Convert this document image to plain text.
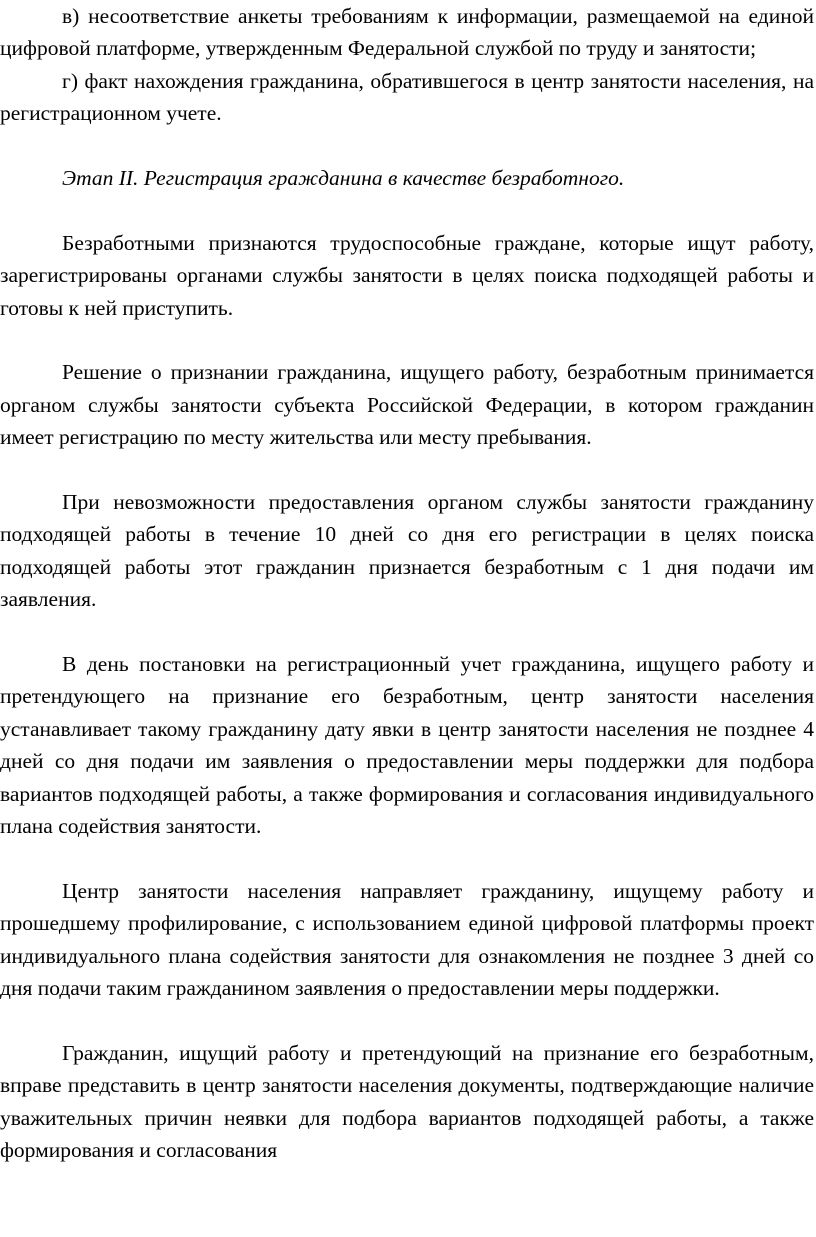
в) несоответствие анкеты требованиям к информации, размещаемой на единой цифровой платформе, утвержденным Федеральной службой по труду и занятости;

г) факт нахождения гражданина, обратившегося в центр занятости населения, на регистрационном учете.

Этап II. Регистрация гражданина в качестве безработного.

Безработными признаются трудоспособные граждане, которые ищут работу, зарегистрированы органами службы занятости в целях поиска подходящей работы и готовы к ней приступить.

Решение о признании гражданина, ищущего работу, безработным принимается органом службы занятости субъекта Российской Федерации, в котором гражданин имеет регистрацию по месту жительства или месту пребывания.

При невозможности предоставления органом службы занятости гражданину подходящей работы в течение 10 дней со дня его регистрации в целях поиска подходящей работы этот гражданин признается безработным с 1 дня подачи им заявления.

В день постановки на регистрационный учет гражданина, ищущего работу и претендующего на признание его безработным, центр занятости населения устанавливает такому гражданину дату явки в центр занятости населения не позднее 4 дней со дня подачи им заявления о предоставлении меры поддержки для подбора вариантов подходящей работы, а также формирования и согласования индивидуального плана содействия занятости.

Центр занятости населения направляет гражданину, ищущему работу и прошедшему профилирование, с использованием единой цифровой платформы проект индивидуального плана содействия занятости для ознакомления не позднее 3 дней со дня подачи таким гражданином заявления о предоставлении меры поддержки.

Гражданин, ищущий работу и претендующий на признание его безработным, вправе представить в центр занятости населения документы, подтверждающие наличие уважительных причин неявки для подбора вариантов подходящей работы, а также формирования и согласования
